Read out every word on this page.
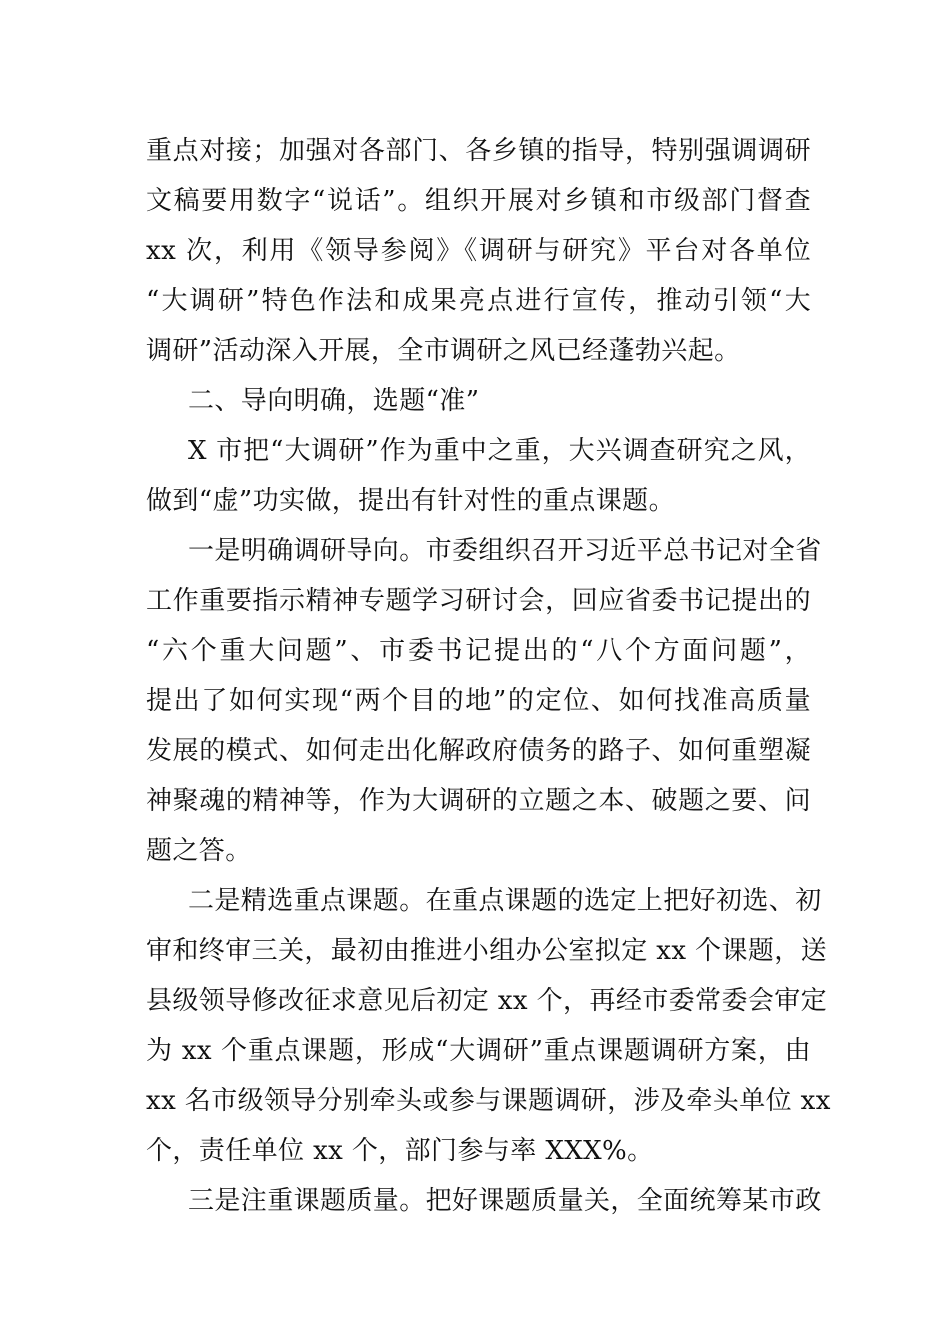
重点对接；加强对各部门、各乡镇的指导，特别强调调研
文稿要用数字“说话”。组织开展对乡镇和市级部门督查
xx 次，利用《领导参阅》《调研与研究》平台对各单位
“大调研”特色作法和成果亮点进行宣传，推动引领“大
调研”活动深入开展，全市调研之风已经蓬勃兴起。
二、导向明确，选题“准”
X 市把“大调研”作为重中之重，大兴调查研究之风，
做到“虚”功实做，提出有针对性的重点课题。
一是明确调研导向。市委组织召开习近平总书记对全省
工作重要指示精神专题学习研讨会，回应省委书记提出的
“六个重大问题”、市委书记提出的“八个方面问题”，
提出了如何实现“两个目的地”的定位、如何找准高质量
发展的模式、如何走出化解政府债务的路子、如何重塑凝
神聚魂的精神等，作为大调研的立题之本、破题之要、问
题之答。
二是精选重点课题。在重点课题的选定上把好初选、初
审和终审三关，最初由推进小组办公室拟定 xx 个课题，送
县级领导修改征求意见后初定 xx 个，再经市委常委会审定
为 xx 个重点课题，形成“大调研”重点课题调研方案，由
xx 名市级领导分别牵头或参与课题调研，涉及牵头单位 xx
个，责任单位 xx 个，部门参与率 XXX%。
三是注重课题质量。把好课题质量关，全面统筹某市政
